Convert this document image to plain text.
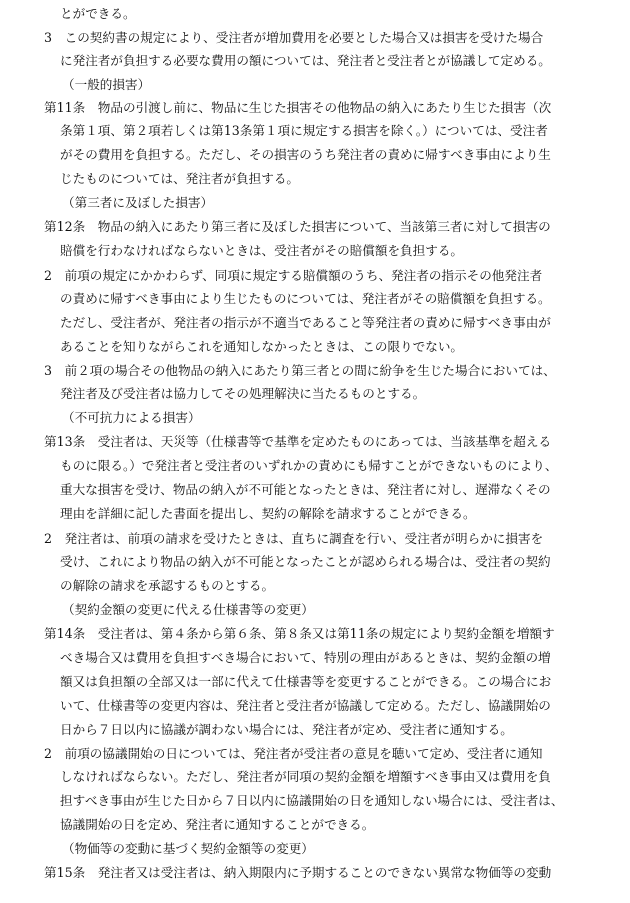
とができる。
3　この契約書の規定により、受注者が増加費用を必要とした場合又は損害を受けた場合
に発注者が負担する必要な費用の額については、発注者と受注者とが協議して定める。
（一般的損害）
第11条　物品の引渡し前に、物品に生じた損害その他物品の納入にあたり生じた損害（次
条第１項、第２項若しくは第13条第１項に規定する損害を除く。）については、受注者
がその費用を負担する。ただし、その損害のうち発注者の責めに帰すべき事由により生
じたものについては、発注者が負担する。
（第三者に及ぼした損害）
第12条　物品の納入にあたり第三者に及ぼした損害について、当該第三者に対して損害の
賠償を行わなければならないときは、受注者がその賠償額を負担する。
2　前項の規定にかかわらず、同項に規定する賠償額のうち、発注者の指示その他発注者
の責めに帰すべき事由により生じたものについては、発注者がその賠償額を負担する。
ただし、受注者が、発注者の指示が不適当であること等発注者の責めに帰すべき事由が
あることを知りながらこれを通知しなかったときは、この限りでない。
3　前２項の場合その他物品の納入にあたり第三者との間に紛争を生じた場合においては、
発注者及び受注者は協力してその処理解決に当たるものとする。
（不可抗力による損害）
第13条　受注者は、天災等（仕様書等で基準を定めたものにあっては、当該基準を超える
ものに限る。）で発注者と受注者のいずれかの責めにも帰すことができないものにより、
重大な損害を受け、物品の納入が不可能となったときは、発注者に対し、遅滞なくその
理由を詳細に記した書面を提出し、契約の解除を請求することができる。
2　発注者は、前項の請求を受けたときは、直ちに調査を行い、受注者が明らかに損害を
受け、これにより物品の納入が不可能となったことが認められる場合は、受注者の契約
の解除の請求を承認するものとする。
（契約金額の変更に代える仕様書等の変更）
第14条　受注者は、第４条から第６条、第８条又は第11条の規定により契約金額を増額す
べき場合又は費用を負担すべき場合において、特別の理由があるときは、契約金額の増
額又は負担額の全部又は一部に代えて仕様書等を変更することができる。この場合にお
いて、仕様書等の変更内容は、発注者と受注者が協議して定める。ただし、協議開始の
日から７日以内に協議が調わない場合には、発注者が定め、受注者に通知する。
2　前項の協議開始の日については、発注者が受注者の意見を聴いて定め、受注者に通知
しなければならない。ただし、発注者が同項の契約金額を増額すべき事由又は費用を負
担すべき事由が生じた日から７日以内に協議開始の日を通知しない場合には、受注者は、
協議開始の日を定め、発注者に通知することができる。
（物価等の変動に基づく契約金額等の変更）
第15条　発注者又は受注者は、納入期限内に予期することのできない異常な物価等の変動
